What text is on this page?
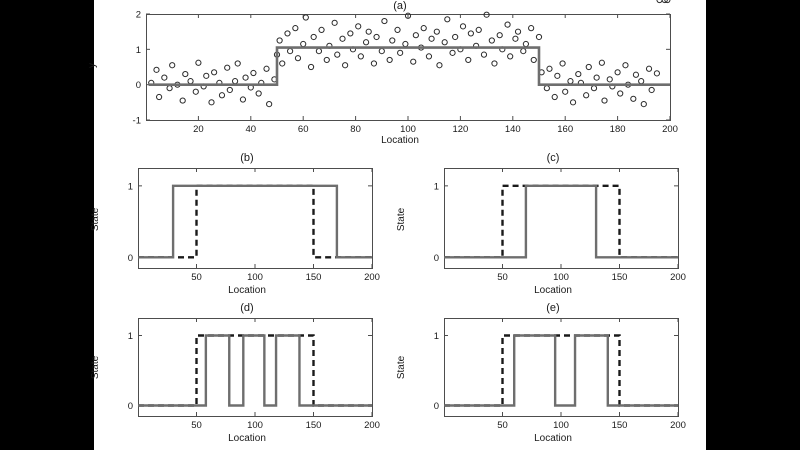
(a)
y
Location
20	40	60	80	100	120	140	160	180	200
-1
0
1
2
(b)
State
Location
50	100	150	200
0
1
(c)
State
Location
50	100	150	200
0
1
(d)
State
Location
50	100	150	200
0
1
(e)
State
Location
50	100	150	200
0
1
